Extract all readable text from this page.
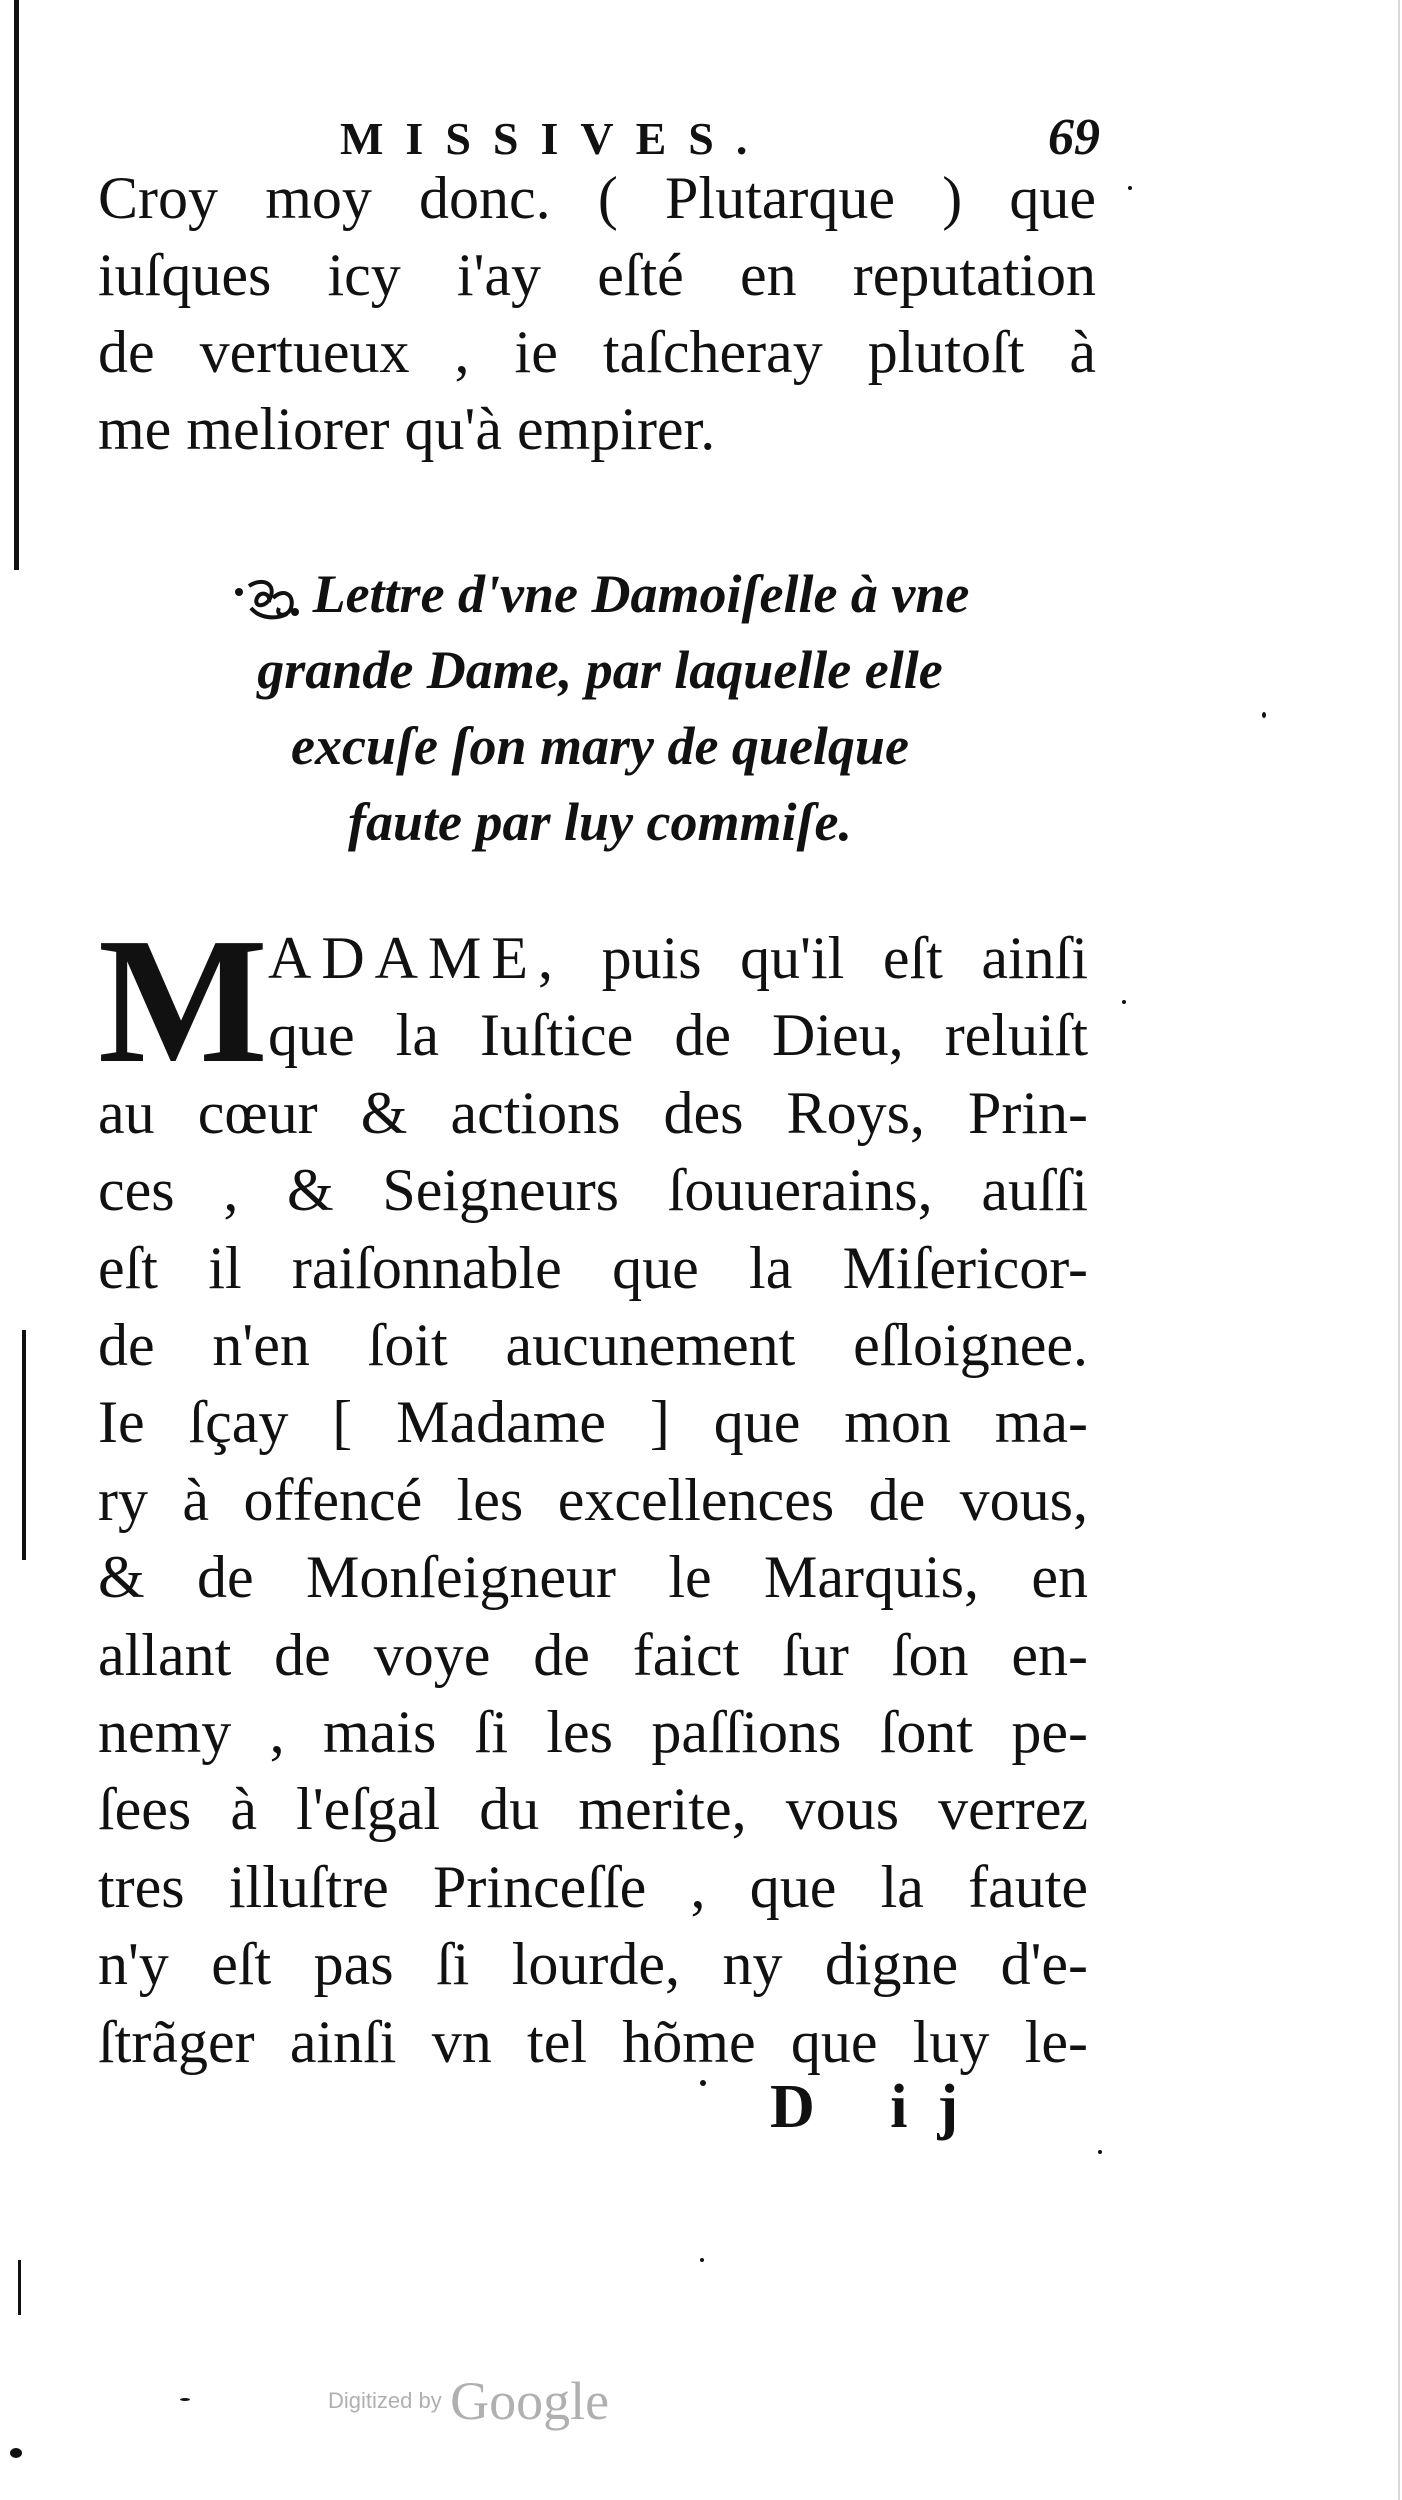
MISSIVES.	69
Croy moy donc. ( Plutarque ) que
iuſques icy i'ay eſté en reputation
de vertueux , ie taſcheray plutoſt à
me meliorer qu'à empirer.
Lettre d'vne Damoiſelle à vne
grande Dame, par laquelle elle
excuſe ſon mary de quelque
faute par luy commiſe.
M ADAME, puis qu'il eſt ainſi
que la Iuſtice de Dieu, reluiſt
au cœur & actions des Roys, Prin-
ces , & Seigneurs ſouuerains, auſſi
eſt il raiſonnable que la Miſericor-
de n'en ſoit aucunement eſloignee.
Ie ſçay [ Madame ] que mon ma-
ry à offencé les excellences de vous,
& de Monſeigneur le Marquis, en
allant de voye de faict ſur ſon en-
nemy , mais ſi les paſſions ſont pe-
ſees à l'eſgal du merite, vous verrez
tres illuſtre Princeſſe , que la faute
n'y eſt pas ſi lourde, ny digne d'e-
ſtrãger ainſi vn tel hõme que luy le-
D ij
Digitized by Google
